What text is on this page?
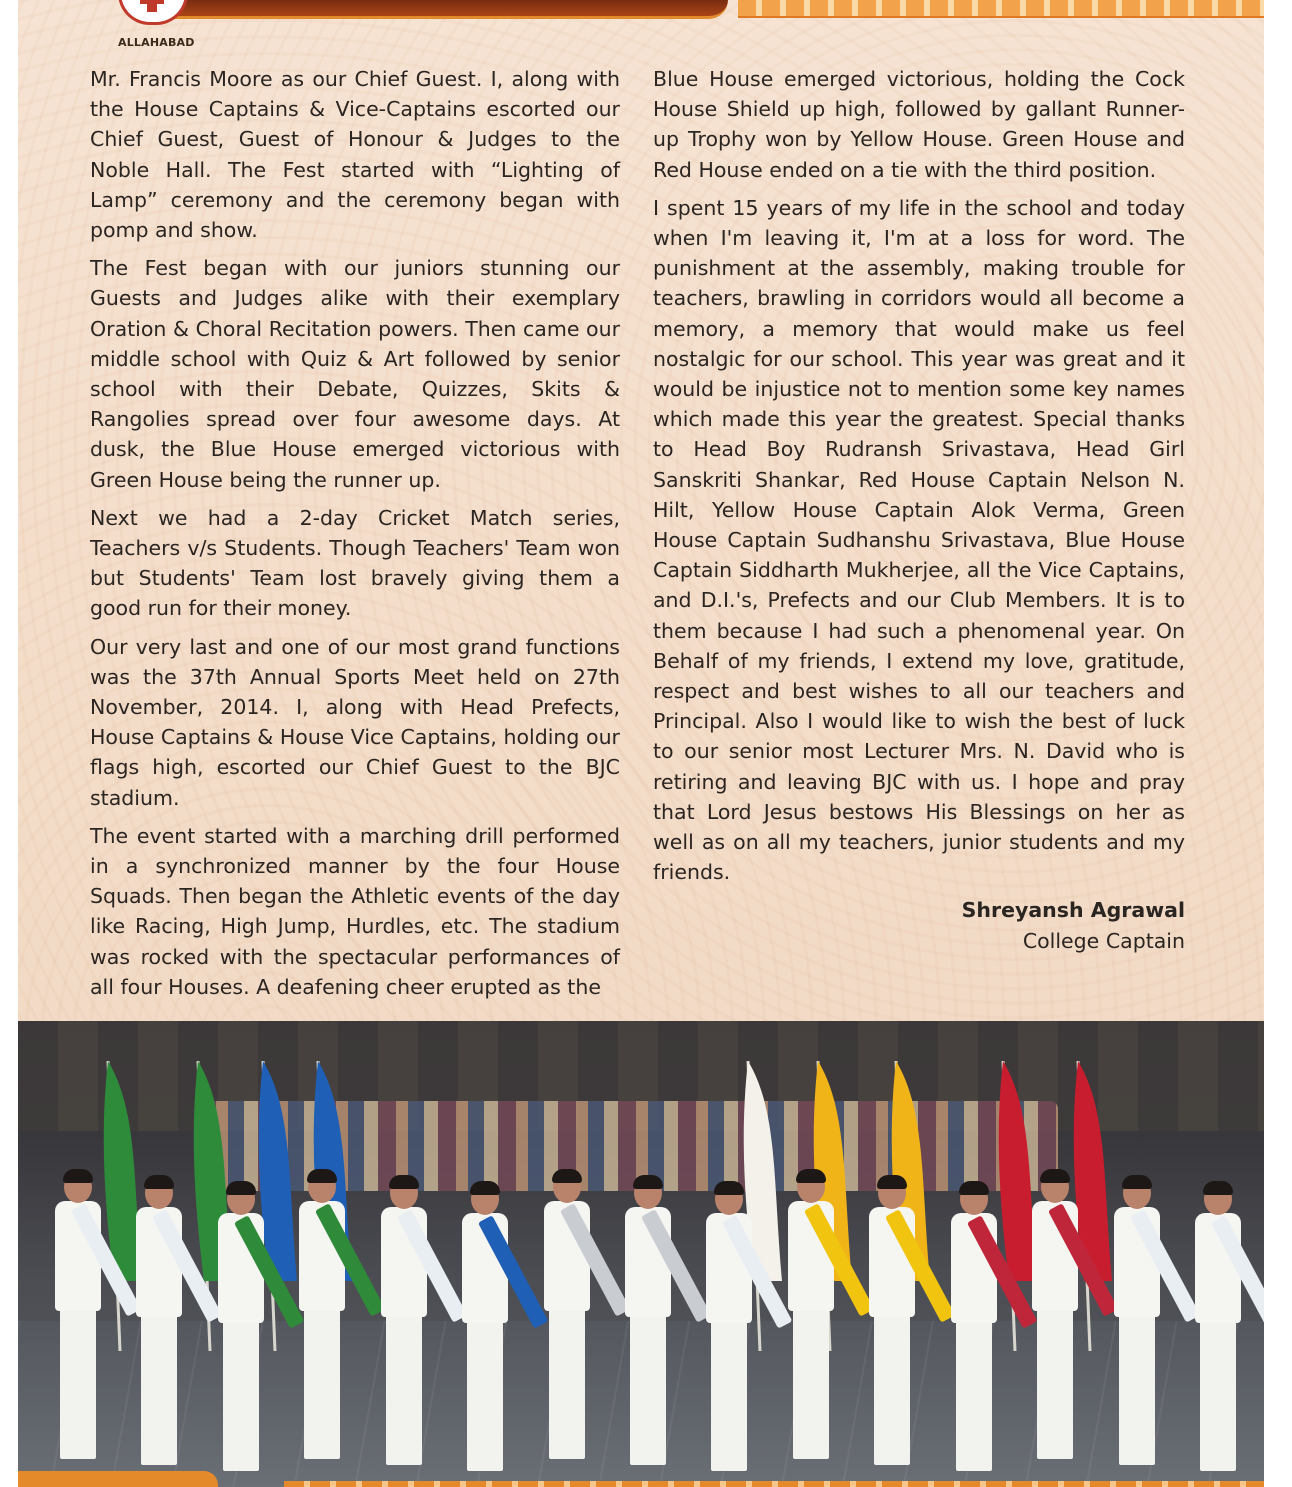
ALLAHABAD

Mr. Francis Moore as our Chief Guest. I, along with the House Captains & Vice-Captains escorted our Chief Guest, Guest of Honour & Judges to the Noble Hall. The Fest started with “Lighting of Lamp” ceremony and the ceremony began with pomp and show.

The Fest began with our juniors stunning our Guests and Judges alike with their exemplary Oration & Choral Recitation powers. Then came our middle school with Quiz & Art followed by senior school with their Debate, Quizzes, Skits & Rangolies spread over four awesome days. At dusk, the Blue House emerged victorious with Green House being the runner up.

Next we had a 2-day Cricket Match series, Teachers v/s Students. Though Teachers' Team won but Students' Team lost bravely giving them a good run for their money.

Our very last and one of our most grand functions was the 37th Annual Sports Meet held on 27th November, 2014. I, along with Head Prefects, House Captains & House Vice Captains, holding our flags high, escorted our Chief Guest to the BJC stadium.

The event started with a marching drill performed in a synchronized manner by the four House Squads. Then began the Athletic events of the day like Racing, High Jump, Hurdles, etc. The stadium was rocked with the spectacular performances of all four Houses. A deafening cheer erupted as the

Blue House emerged victorious, holding the Cock House Shield up high, followed by gallant Runner-up Trophy won by Yellow House. Green House and Red House ended on a tie with the third position.

I spent 15 years of my life in the school and today when I'm leaving it, I'm at a loss for word. The punishment at the assembly, making trouble for teachers, brawling in corridors would all become a memory, a memory that would make us feel nostalgic for our school. This year was great and it would be injustice not to mention some key names which made this year the greatest. Special thanks to Head Boy Rudransh Srivastava, Head Girl Sanskriti Shankar, Red House Captain Nelson N. Hilt, Yellow House Captain Alok Verma, Green House Captain Sudhanshu Srivastava, Blue House Captain Siddharth Mukherjee, all the Vice Captains, and D.I.'s, Prefects and our Club Members. It is to them because I had such a phenomenal year. On Behalf of my friends, I extend my love, gratitude, respect and best wishes to all our teachers and Principal. Also I would like to wish the best of luck to our senior most Lecturer Mrs. N. David who is retiring and leaving BJC with us. I hope and pray that Lord Jesus bestows His Blessings on her as well as on all my teachers, junior students and my friends.

Shreyansh Agrawal
College Captain
